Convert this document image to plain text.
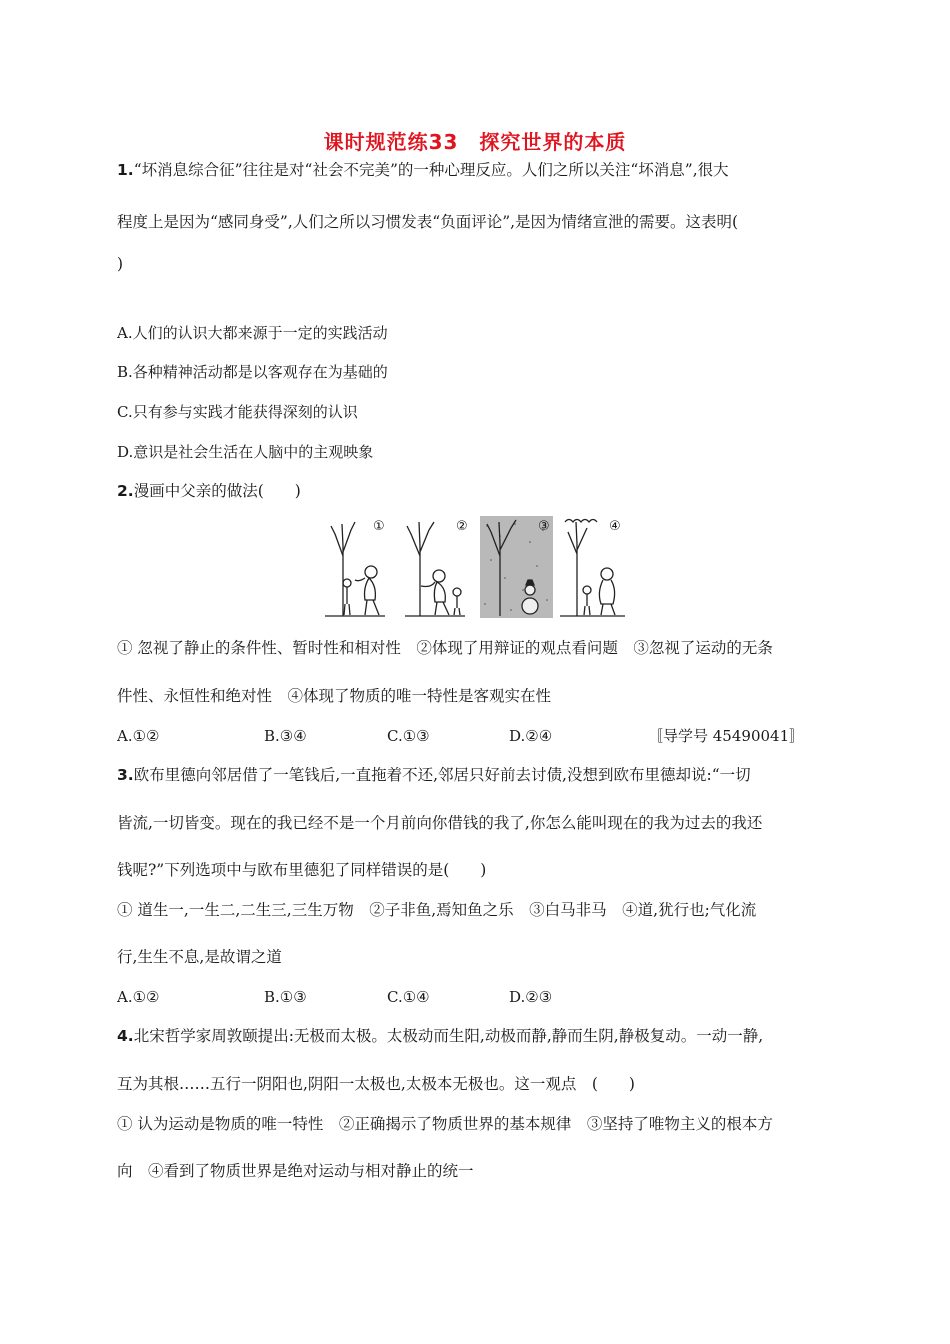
课时规范练33　探究世界的本质
1.“坏消息综合征”往往是对“社会不完美”的一种心理反应。人们之所以关注“坏消息”,很大
程度上是因为“感同身受”,人们之所以习惯发表“负面评论”,是因为情绪宣泄的需要。这表明(
)
A.人们的认识大都来源于一定的实践活动
B.各种精神活动都是以客观存在为基础的
C.只有参与实践才能获得深刻的认识
D.意识是社会生活在人脑中的主观映象
2.漫画中父亲的做法(　　)
①	②	③	④
① 忽视了静止的条件性、暂时性和相对性　②体现了用辩证的观点看问题　③忽视了运动的无条
件性、永恒性和绝对性　④体现了物质的唯一特性是客观实在性
A.①②	B.③④	C.①③	D.②④	〚导学号 45490041〛
3.欧布里德向邻居借了一笔钱后,一直拖着不还,邻居只好前去讨债,没想到欧布里德却说:“一切
皆流,一切皆变。现在的我已经不是一个月前向你借钱的我了,你怎么能叫现在的我为过去的我还
钱呢?”下列选项中与欧布里德犯了同样错误的是(　　)
① 道生一,一生二,二生三,三生万物　②子非鱼,焉知鱼之乐　③白马非马　④道,犹行也;气化流
行,生生不息,是故谓之道
A.①②	B.①③	C.①④	D.②③
4.北宋哲学家周敦颐提出:无极而太极。太极动而生阳,动极而静,静而生阴,静极复动。一动一静,
互为其根……五行一阴阳也,阴阳一太极也,太极本无极也。这一观点　(　　)
① 认为运动是物质的唯一特性　②正确揭示了物质世界的基本规律　③坚持了唯物主义的根本方
向　④看到了物质世界是绝对运动与相对静止的统一
